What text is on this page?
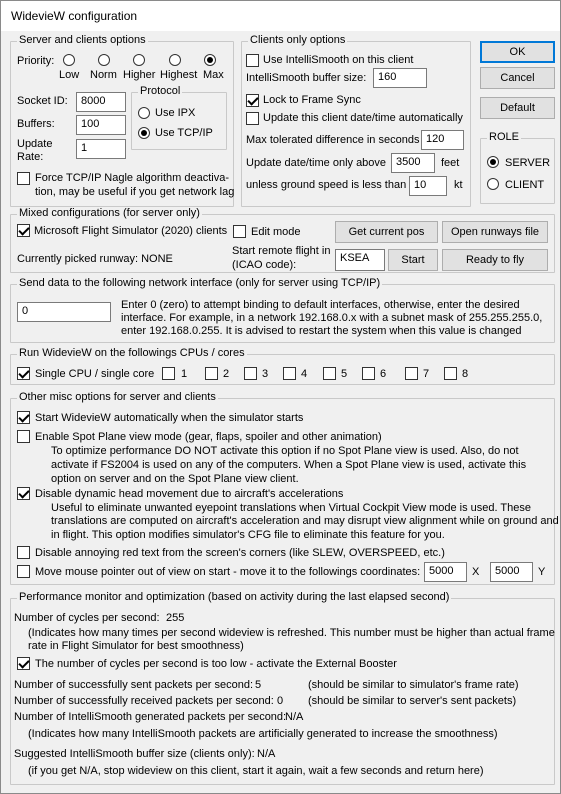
WidevieW configuration
Server and clients options
Priority:
Low Norm Higher Highest Max
Socket ID:	8000
Buffers:	100
Update
Rate:
1
Protocol
Use IPX
Use TCP/IP
Force TCP/IP Nagle algorithm deactiva-
tion, may be useful if you get network lag
Clients only options
Use IntelliSmooth on this client
IntelliSmooth buffer size:	160
Lock to Frame Sync
Update this client date/time automatically
Max tolerated difference in seconds 120
Update date/time only above 3500	feet
unless ground speed is less than 10	kt
OK
Cancel
Default
ROLE
SERVER
CLIENT
Mixed configurations (for server only)
Microsoft Flight Simulator (2020) clients Edit mode	Get current pos	Open runways file
Currently picked runway: NONE
Start remote flight in
(ICAO code):
KSEA	Start	Ready to fly
Send data to the following network interface (only for server using TCP/IP)
0	Enter 0 (zero) to attempt binding to default interfaces, otherwise, enter the desired
interface. For example, in a network 192.168.0.x with a subnet mask of 255.255.255.0,
enter 192.168.0.255. It is advised to restart the system when this value is changed
Run WidevieW on the followings CPUs / cores
Single CPU / single core 1	2	3	4	5	6	7	8
Other misc options for server and clients
Start WidevieW automatically when the simulator starts
Enable Spot Plane view mode (gear, flaps, spoiler and other animation)
To optimize performance DO NOT activate this option if no Spot Plane view is used. Also, do not
activate if FS2004 is used on any of the computers. When a Spot Plane view is used, activate this
option on server and on the Spot Plane view client.
Disable dynamic head movement due to aircraft's accelerations
Useful to eliminate unwanted eyepoint translations when Virtual Cockpit View mode is used. These
translations are computed on aircraft's acceleration and may disrupt view alignment while on ground and
in flight. This option modifies simulator's CFG file to eliminate this feature for you.
Disable annoying red text from the screen's corners (like SLEW, OVERSPEED, etc.)
Move mouse pointer out of view on start - move it to the followings coordinates: 5000	X	5000	Y
Performance monitor and optimization (based on activity during the last elapsed second)
Number of cycles per second: 255
(Indicates how many times per second wideview is refreshed. This number must be higher than actual frame
rate in Flight Simulator for best smoothness)
The number of cycles per second is too low - activate the External Booster
Number of successfully sent packets per second: 5	(should be similar to simulator's frame rate)
Number of successfully received packets per second: 0 (should be similar to server's sent packets)
Number of IntelliSmooth generated packets per second:
N/A
(Indicates how many IntelliSmooth packets are artificially generated to increase the smoothness)
Suggested IntelliSmooth buffer size (clients only): N/A
(if you get N/A, stop wideview on this client, start it again, wait a few seconds and return here)
